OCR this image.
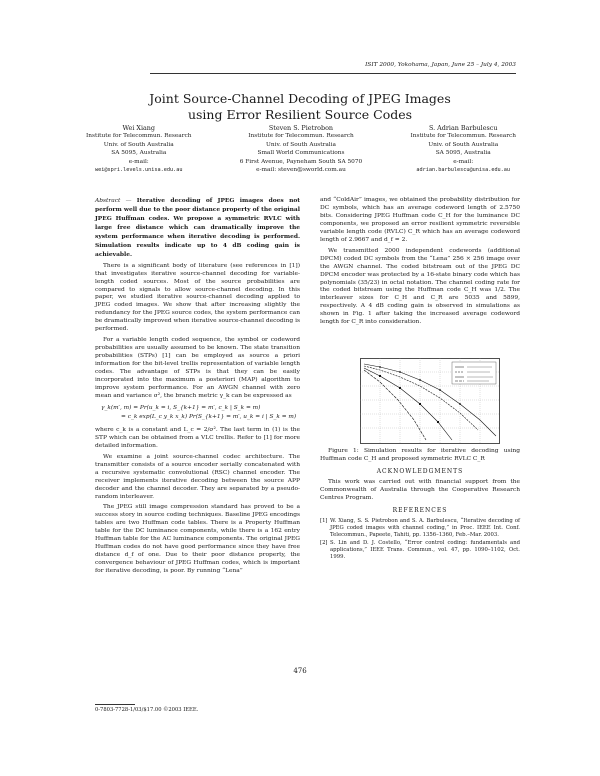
ISIT 2000, Yokohama, Japan, June 25 – July 4, 2003
Joint Source-Channel Decoding of JPEG Images
using Error Resilient Source Codes
Wei Xiang
Institute for Telecommun. Research
Univ. of South Australia
SA 5095, Australia
e-mail:
wei@spri.levels.unisa.edu.au
Steven S. Pietrobon
Institute for Telecommun. Research
Univ. of South Australia
Small World Communications
6 First Avenue, Payneham South SA 5070
e-mail: steven@sworld.com.au
S. Adrian Barbulescu
Institute for Telecommun. Research
Univ. of South Australia
SA 5095, Australia
e-mail:
adrian.barbulescu@unisa.edu.au

Abstract — Iterative decoding of JPEG images does not perform well due to the poor distance property of the original JPEG Huffman codes. We propose a symmetric RVLC with large free distance which can dramatically improve the system performance when iterative decoding is performed. Simulation results indicate up to 4 dB coding gain is achievable.

There is a significant body of literature (see references in [1]) that investigates iterative source-channel decoding for variable-length coded sources. Most of the source probabilities are compared to signals to allow source-channel decoding. In this paper, we studied iterative source-channel decoding applied to JPEG coded images. We show that after increasing slightly the redundancy for the JPEG source codes, the system performance can be dramatically improved when iterative source-channel decoding is performed.

For a variable length coded sequence, the symbol or codeword probabilities are usually assumed to be known. The state transition probabilities (STPs) [1] can be employed as source a priori information for the bit-level trellis representation of variable length codes. The advantage of STPs is that they can be easily incorporated into the maximum a posteriori (MAP) algorithm to improve system performance. For an AWGN channel with zero mean and variance σ², the branch metric γ_k can be expressed as

γ_k(m′, m) = Pr(u_k = i, S_{k+1} = m′, c_k | S_k = m)
= c_k exp(L_c y_k x_k) Pr(S_{k+1} = m′, u_k = i | S_k = m)

where c_k is a constant and L_c = 2/σ². The last term in (1) is the STP which can be obtained from a VLC trellis. Refer to [1] for more detailed information.

We examine a joint source-channel codec architecture. The transmitter consists of a source encoder serially concatenated with a recursive systematic convolutional (RSC) channel encoder. The receiver implements iterative decoding between the source APP decoder and the channel decoder. They are separated by a pseudo-random interleaver.

The JPEG still image compression standard has proved to be a success story in source coding techniques. Baseline JPEG encodings tables are two Huffman code tables. There is a Property Huffman table for the DC luminance components, while there is a 162 entry Huffman table for the AC luminance components. The original JPEG Huffman codes do not have good performance since they have free distance d_f of one. Due to their poor distance property, the convergence behaviour of JPEG Huffman codes, which is important for iterative decoding, is poor. By running “Lena”

and “ColdAir” images, we obtained the probability distribution for DC symbols, which has an average codeword length of 2.5750 bits. Considering JPEG Huffman code C_H for the luminance DC components, we proposed an error resilient symmetric reversible variable length code (RVLC) C_R which has an average codeword length of 2.9667 and d_f = 2.

We transmitted 2000 independent codewords (additional DPCM) coded DC symbols from the “Lena” 256 × 256 image over the AWGN channel. The coded bitstream out of the JPEG DC DPCM encoder was protected by a 16-state binary code which has polynomials (35/23) in octal notation. The channel coding rate for the coded bitstream using the Huffman code C_H was 1/2. The interleaver sizes for C_H and C_R are 5035 and 5899, respectively. A 4 dB coding gain is observed in simulations as shown in Fig. 1 after taking the increased average codeword length for C_R into consideration.

Figure 1: Simulation results for iterative decoding using Huffman code C_H and proposed symmetric RVLC C_R

ACKNOWLEDGMENTS

This work was carried out with financial support from the Commonwealth of Australia through the Cooperative Research Centres Program.

REFERENCES
[1] W. Xiang, S. S. Pietrobon and S. A. Barbulescu, “Iterative decoding of JPEG coded images with channel coding,” in Proc. IEEE Int. Conf. Telecommun., Papeete, Tahiti, pp. 1356–1360, Feb.–Mar. 2003.
[2] S. Lin and D. J. Costello, “Error control coding: fundamentals and applications,” IEEE Trans. Commun., vol. 47, pp. 1090–1102, Oct. 1999.
476
0-7803-7728-1/03/$17.00 ©2003 IEEE.
